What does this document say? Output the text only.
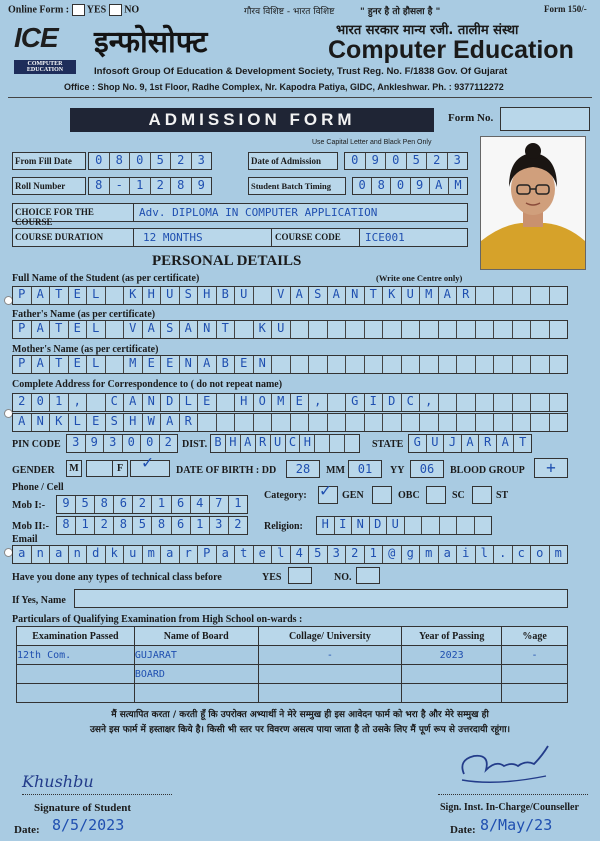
Online Form : YES NO	गौरव विशिष्ट - भारत विशिष्ट	" हुनर है तो हौसला है "	Form 150/-
ICE
COMPUTER EDUCATION
इन्फोसोफ्ट	भारत सरकार मान्य रजी. तालीम संस्था
Computer Education
Infosoft Group Of Education & Development Society, Trust Reg. No. F/1838 Gov. Of Gujarat
Office : Shop No. 9, 1st Floor, Radhe Complex, Nr. Kapodra Patiya, GIDC, Ankleshwar. Ph. : 9377112272
ADMISSION FORM	Form No.
Use Capital Letter and Black Pen Only
From Fill Date	0	8	0	5	2	3	Date of Admission	0	9	0	5	2	3
Roll Number	8	-	1	2	8	9	Student Batch Timing	0 8 0 9 A M
CHOICE FOR THE COURSE
Adv. DIPLOMA IN COMPUTER APPLICATION
COURSE DURATION	12 MONTHS	COURSE CODE ICE001
PERSONAL DETAILS
Full Name of the Student (as per certificate)	(Write one Centre only)
P A T E L	K H U S H B U	V A S A N T K U M A R
Father's Name (as per certificate)
P A T E L	V A S A N T	K U
Mother's Name (as per certificate)
P A T E L	M E E N A B E N
Complete Address for Correspondence to ( do not repeat name)
2 0 1 ,	C A N D L E	H O M E ,	G I D C ,
A N K L E S H W A R
PIN CODE 3 9 3 0 0 2	DIST. B H A R U C H	STATE G U J A R A T
GENDER	M	F ✓ DATE OF BIRTH : DD	28	MM	01	YY	06	BLOOD GROUP	+
Phone / Cell
Mob I:-	9 5 8 6 2 1 6 4 7 1
Mob II:-	8 1 2 8 5 8 6 1 3 2
Category: ✓ GEN	OBC	SC	ST
Religion:	H I N D U
Email
a n a n d k u m a r P a t e l 4 5 3 2 1 @ g m a i l . c o m
Have you done any types of technical class before	YES	NO.
If Yes, Name
Particulars of Qualifying Examination from High School on-wards :
Examination Passed	Name of Board	Collage/ University	Year of Passing	%age
12th Com.	GUJARAT	-	2023	-
	BOARD			

मैं सत्यापित करता / करती हूँ कि उपरोक्त अभ्यार्थी ने मेरे सम्मुख ही इस आवेदन फार्म को भरा है और मेरे सम्मुख ही
उसने इस फार्म में हस्ताक्षर किये है। किसी भी स्तर पर विवरण असत्य पाया जाता है तो उसके लिए मैं पूर्ण रूप से उत्तरदायी रहूंगा।
Khushbu
Signature of Student
Date: 8/5/2023
Sign. Inst. In-Charge/Counseller
Date: 8/May/23
